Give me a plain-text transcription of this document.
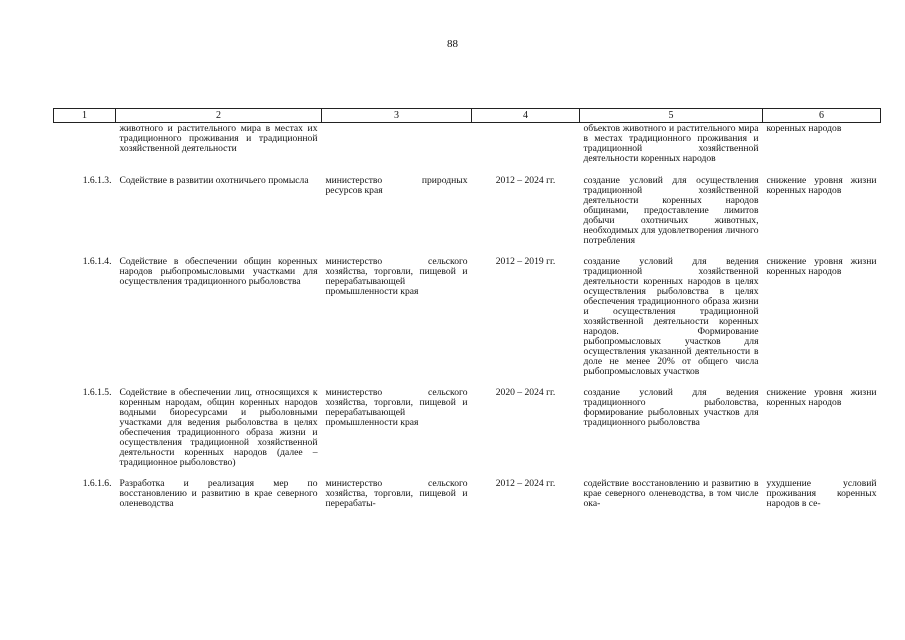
88
1	2	3	4	5	6
	животного и растительного мира в местах их традиционного проживания и традиционной хозяйственной деятельности			объектов животного и растительного мира в местах традиционного проживания и традиционной хозяйственной деятельности коренных народов	коренных народов
1.6.1.3.	Содействие в развитии охотничьего промысла	министерство природных ресурсов края	2012 – 2024 гг.	создание условий для осуществления традиционной хозяйственной деятельности коренных народов общинами, предоставление лимитов добычи охотничьих животных, необходимых для удовлетворения личного потребления	снижение уровня жизни коренных народов
1.6.1.4.	Содействие в обеспечении общин коренных народов рыбопромысловыми участками для осуществления традиционного рыболовства	министерство сельского хозяйства, торговли, пищевой и перерабатывающей промышленности края	2012 – 2019 гг.	создание условий для ведения традиционной хозяйственной деятельности коренных народов в целях осуществления рыболовства в целях обеспечения традиционного образа жизни и осуществления традиционной хозяйственной деятельности коренных народов. Формирование рыбопромысловых участков для осуществления указанной деятельности в доле не менее 20% от общего числа рыбопромысловых участков	снижение уровня жизни коренных народов
1.6.1.5.	Содействие в обеспечении лиц, относящихся к коренным народам, общин коренных народов водными биоресурсами и рыболовными участками для ведения рыболовства в целях обеспечения традиционного образа жизни и осуществления традиционной хозяйственной деятельности коренных народов (далее – традиционное рыболовство)	министерство сельского хозяйства, торговли, пищевой и перерабатывающей промышленности края	2020 – 2024 гг.	создание условий для ведения традиционного рыболовства, формирование рыболовных участков для традиционного рыболовства	снижение уровня жизни коренных народов
1.6.1.6.	Разработка и реализация мер по восстановлению и развитию в крае северного оленеводства	министерство сельского хозяйства, торговли, пищевой и перерабаты-	2012 – 2024 гг.	содействие восстановлению и развитию в крае северного оленеводства, в том числе ока-	ухудшение условий проживания коренных народов в се-
